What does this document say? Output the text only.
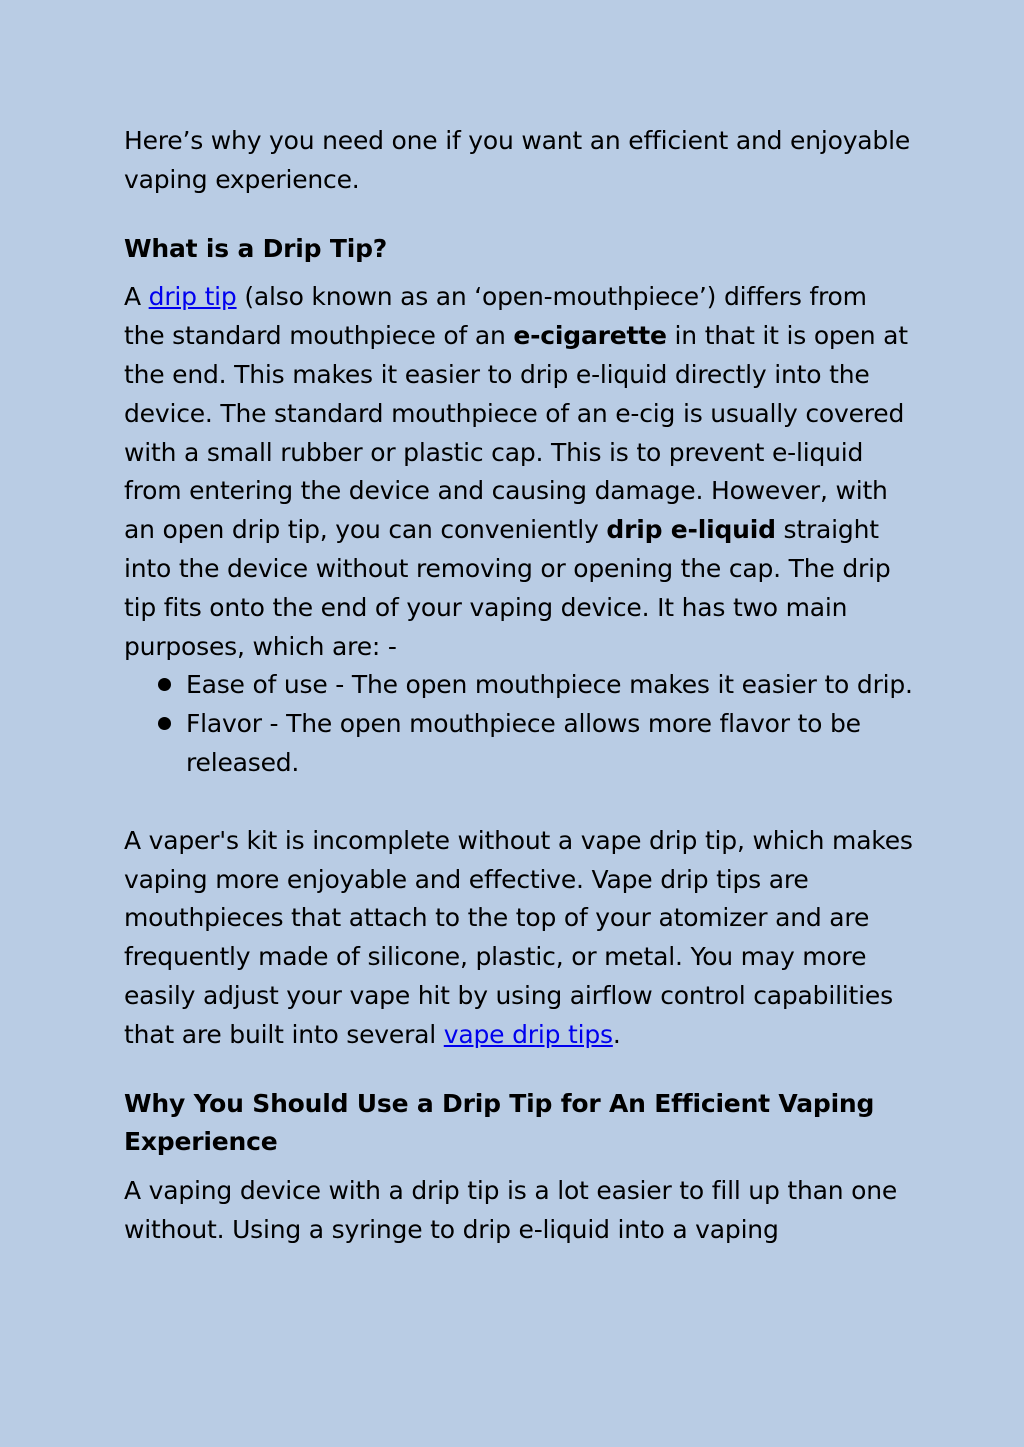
Here’s why you need one if you want an efficient and enjoyable vaping experience.

What is a Drip Tip?

A drip tip (also known as an ‘open-mouthpiece’) differs from the standard mouthpiece of an e-cigarette in that it is open at the end. This makes it easier to drip e-liquid directly into the device. The standard mouthpiece of an e-cig is usually covered with a small rubber or plastic cap. This is to prevent e-liquid from entering the device and causing damage. However, with an open drip tip, you can conveniently drip e-liquid straight into the device without removing or opening the cap. The drip tip fits onto the end of your vaping device. It has two main purposes, which are: -

Ease of use - The open mouthpiece makes it easier to drip.
Flavor - The open mouthpiece allows more flavor to be released.

A vaper's kit is incomplete without a vape drip tip, which makes vaping more enjoyable and effective. Vape drip tips are mouthpieces that attach to the top of your atomizer and are frequently made of silicone, plastic, or metal. You may more easily adjust your vape hit by using airflow control capabilities that are built into several vape drip tips.

Why You Should Use a Drip Tip for An Efficient Vaping Experience

A vaping device with a drip tip is a lot easier to fill up than one without. Using a syringe to drip e-liquid into a vaping
